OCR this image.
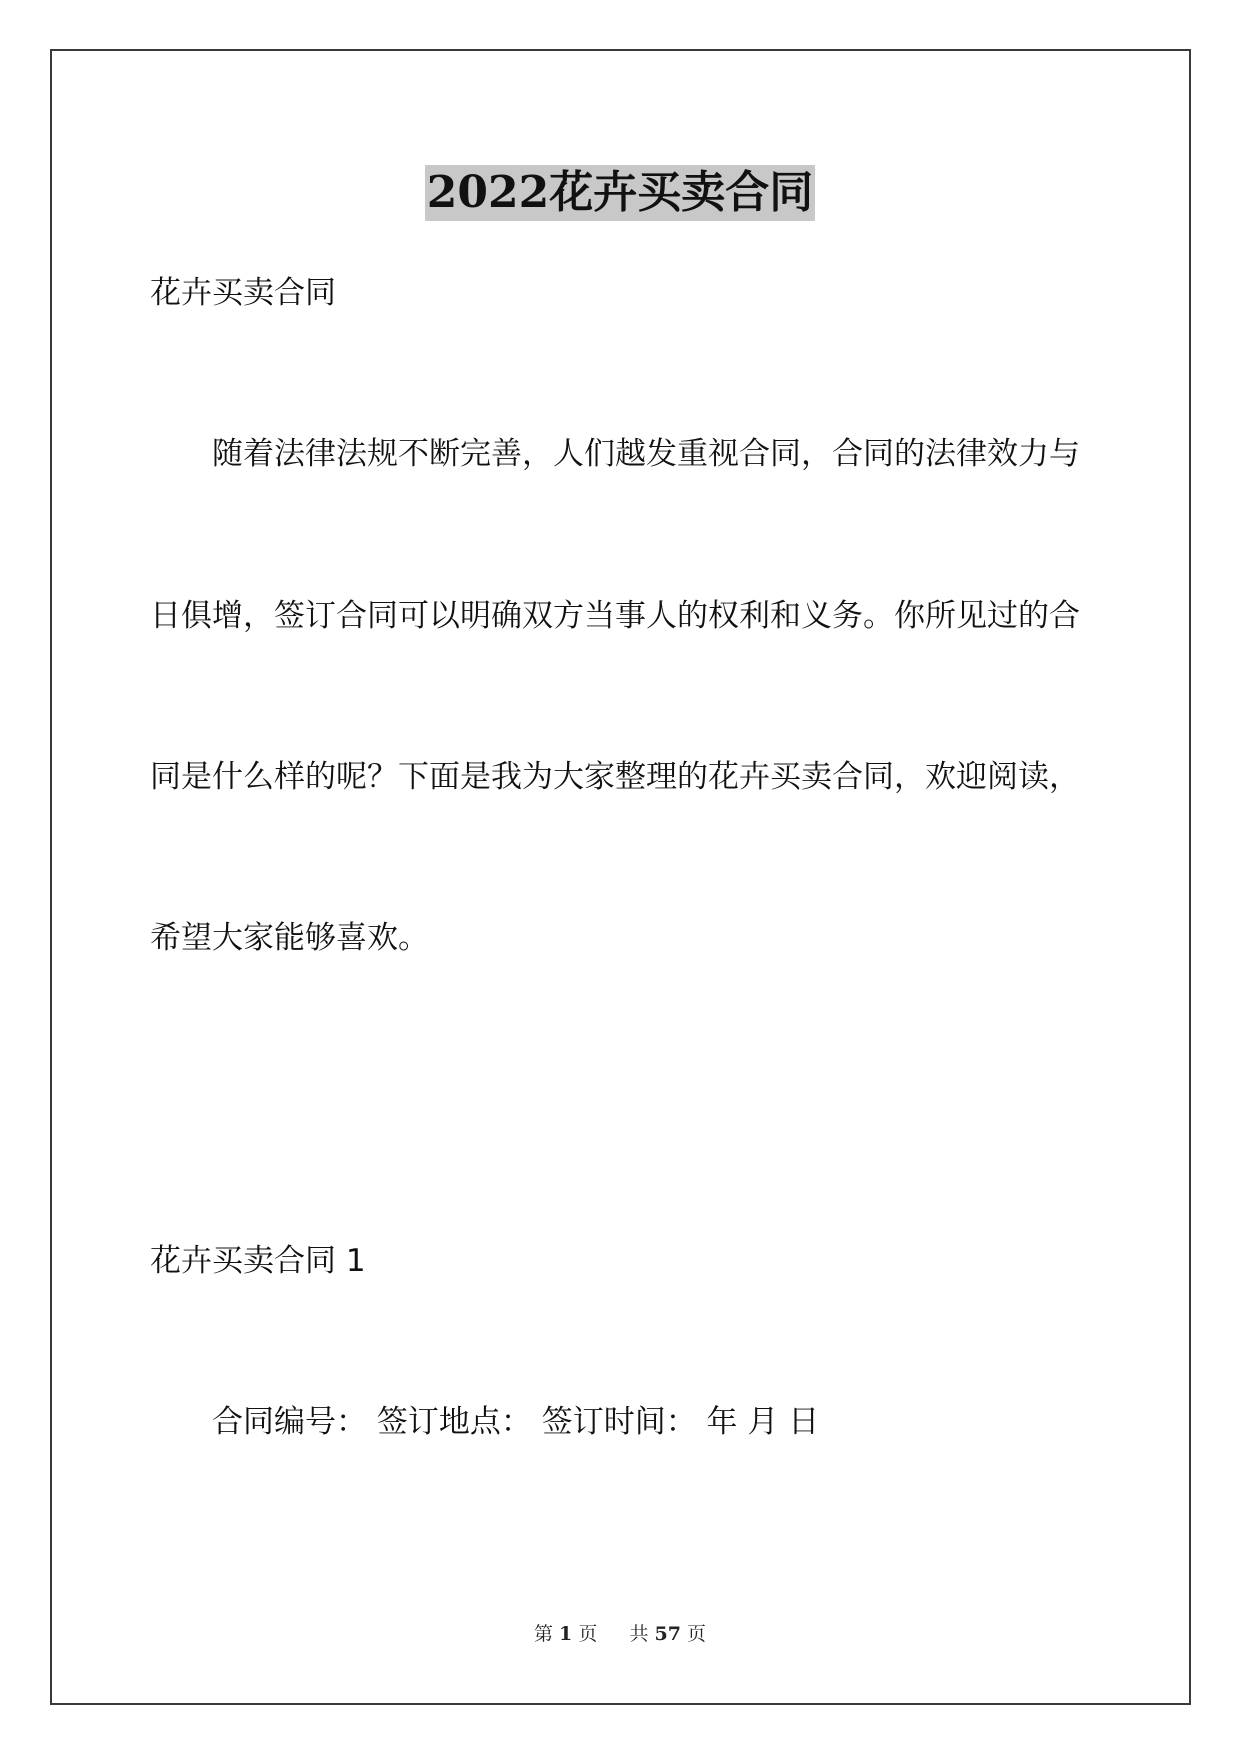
2022花卉买卖合同

花卉买卖合同

随着法律法规不断完善，人们越发重视合同，合同的法律效力与

日俱增，签订合同可以明确双方当事人的权利和义务。你所见过的合

同是什么样的呢？下面是我为大家整理的花卉买卖合同，欢迎阅读，

希望大家能够喜欢。

花卉买卖合同 1

合同编号： 签订地点： 签订时间： 年 月 日

第 1 页 共 57 页
